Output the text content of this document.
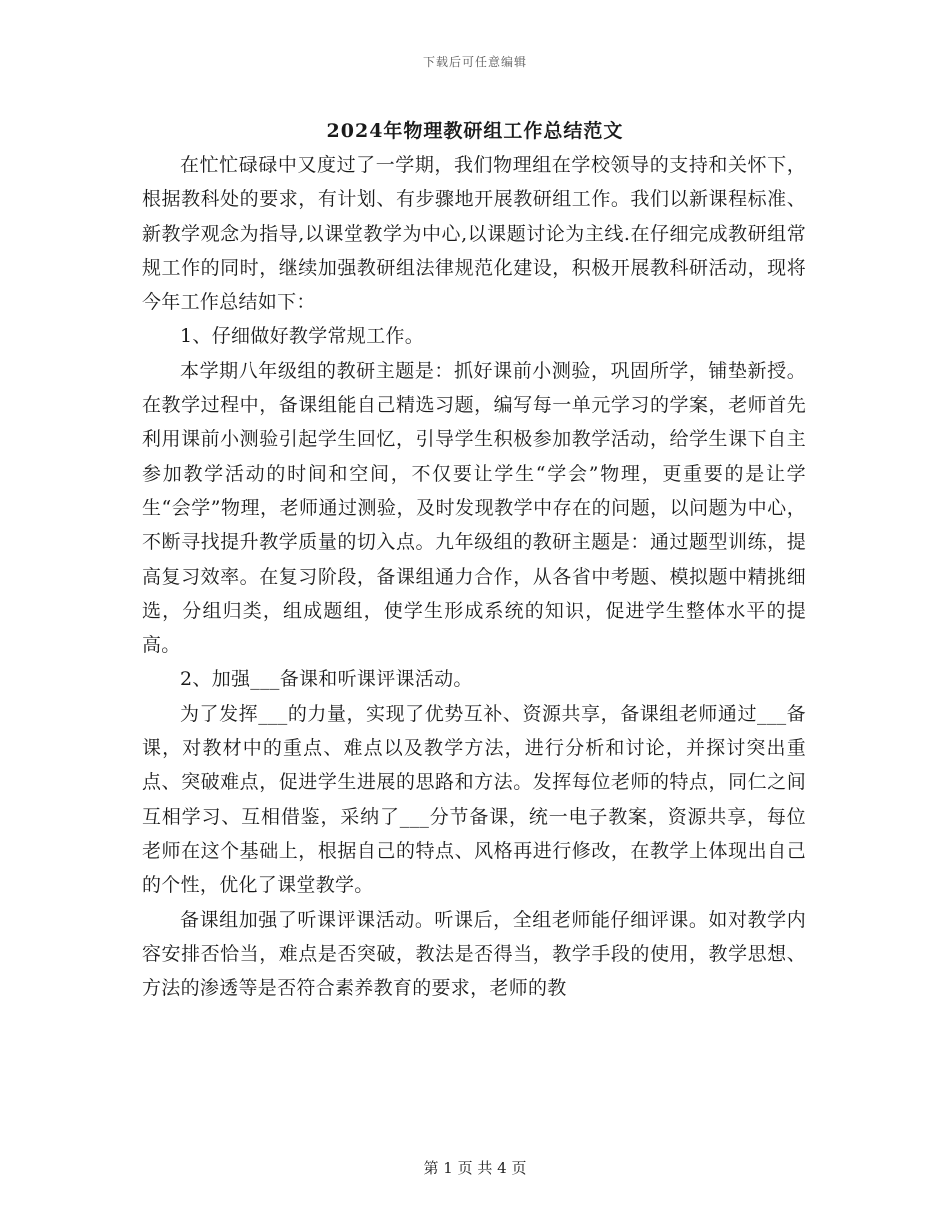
下载后可任意编辑
2024年物理教研组工作总结范文

在忙忙碌碌中又度过了一学期，我们物理组在学校领导的支持和关怀下，根据教科处的要求，有计划、有步骤地开展教研组工作。我们以新课程标准、新教学观念为指导,以课堂教学为中心,以课题讨论为主线.在仔细完成教研组常规工作的同时，继续加强教研组法律规范化建设，积极开展教科研活动，现将今年工作总结如下：

1、仔细做好教学常规工作。

本学期八年级组的教研主题是：抓好课前小测验，巩固所学，铺垫新授。在教学过程中，备课组能自己精选习题，编写每一单元学习的学案，老师首先利用课前小测验引起学生回忆，引导学生积极参加教学活动，给学生课下自主参加教学活动的时间和空间，不仅要让学生“学会”物理，更重要的是让学生“会学”物理，老师通过测验，及时发现教学中存在的问题，以问题为中心，不断寻找提升教学质量的切入点。九年级组的教研主题是：通过题型训练，提高复习效率。在复习阶段，备课组通力合作，从各省中考题、模拟题中精挑细选，分组归类，组成题组，使学生形成系统的知识，促进学生整体水平的提高。

2、加强___备课和听课评课活动。

为了发挥___的力量，实现了优势互补、资源共享，备课组老师通过___备课，对教材中的重点、难点以及教学方法，进行分析和讨论，并探讨突出重点、突破难点，促进学生进展的思路和方法。发挥每位老师的特点，同仁之间互相学习、互相借鉴，采纳了___分节备课，统一电子教案，资源共享，每位老师在这个基础上，根据自己的特点、风格再进行修改，在教学上体现出自己的个性，优化了课堂教学。

备课组加强了听课评课活动。听课后，全组老师能仔细评课。如对教学内容安排否恰当，难点是否突破，教法是否得当，教学手段的使用，教学思想、方法的渗透等是否符合素养教育的要求，老师的教

第 1 页 共 4 页
